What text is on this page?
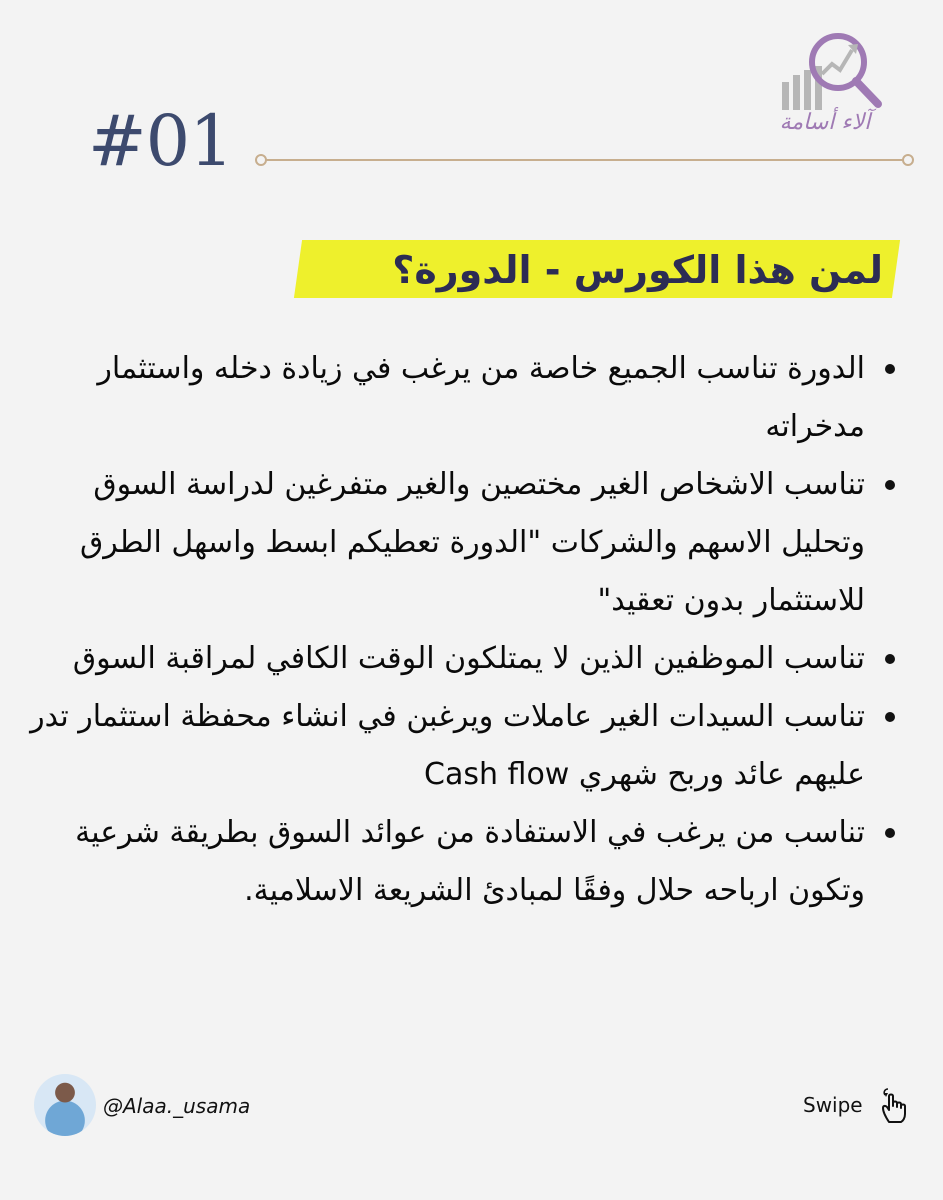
#01	آلاء أسامة
لمن هذا الكورس - الدورة؟
الدورة تناسب الجميع خاصة من يرغب في زيادة دخله واستثمار مدخراته
تناسب الاشخاص الغير مختصين والغير متفرغين لدراسة السوق وتحليل الاسهم والشركات "الدورة تعطيكم ابسط واسهل الطرق للاستثمار بدون تعقيد"
تناسب الموظفين الذين لا يمتلكون الوقت الكافي لمراقبة السوق
تناسب السيدات الغير عاملات ويرغبن في انشاء محفظة استثمار تدر عليهم عائد وربح شهري Cash flow
تناسب من يرغب في الاستفادة من عوائد السوق بطريقة شرعية وتكون ارباحه حلال وفقًا لمبادئ الشريعة الاسلامية.
@Alaa._usama	Swipe
